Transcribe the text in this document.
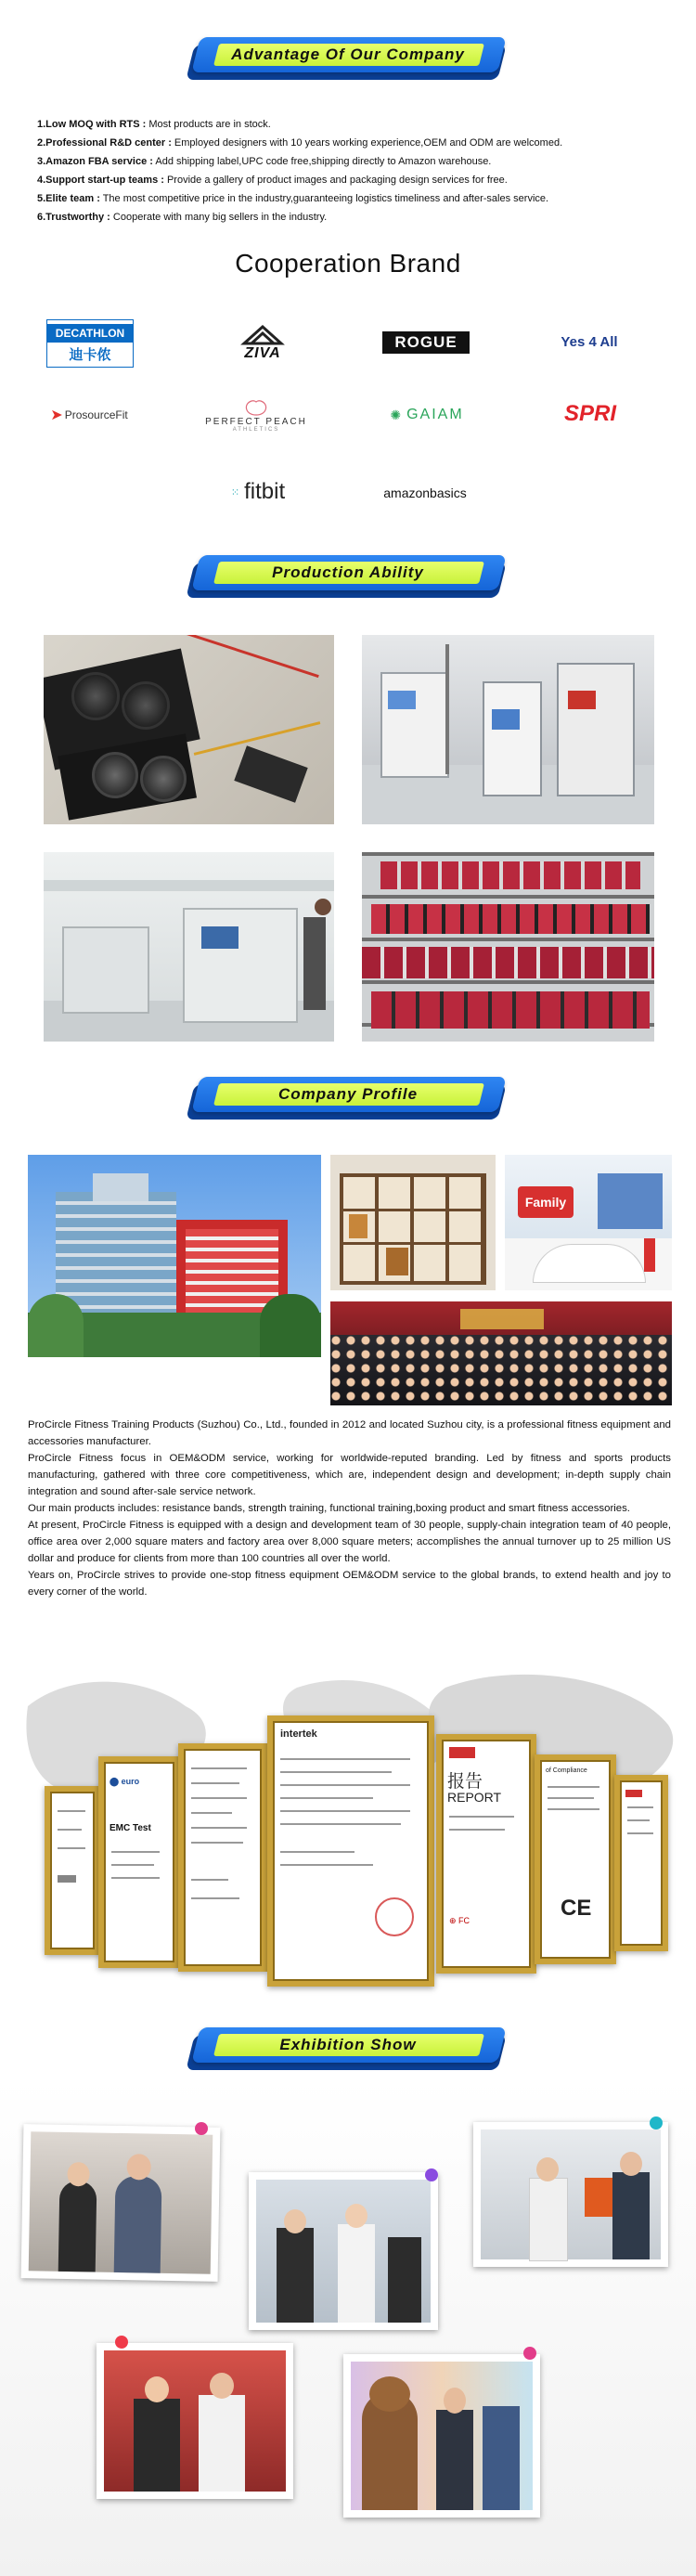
Advantage Of Our Company
1.Low MOQ with RTS : Most products are in stock.
2.Professional R&D center : Employed designers with 10 years working experience,OEM and ODM are welcomed.
3.Amazon FBA service : Add shipping label,UPC code free,shipping directly to Amazon warehouse.
4.Support start-up teams : Provide a gallery of product images and packaging design services for free.
5.Elite team : The most competitive price in the industry,guaranteeing logistics timeliness and after-sales service.
6.Trustworthy : Cooperate with many big sellers in the industry.
Cooperation Brand
DECATHLON
迪卡侬	ZIVA
ROGUE	Yes 4 All
➤ ProsourceFit	PERFECT PEACH
ATHLETICS
✺ GAIAM	SPRI
⁙ fitbit	amazonbasics
Production Ability
Company Profile
Family

ProCircle Fitness Training Products (Suzhou) Co., Ltd., founded in 2012 and located Suzhou city, is a professional fitness equipment and accessories manufacturer.

ProCircle Fitness focus in OEM&ODM service, working for worldwide-reputed branding. Led by fitness and sports products manufacturing, gathered with three core competitiveness, which are, independent design and development; in-depth supply chain integration and sound after-sale service network.

Our main products includes: resistance bands, strength training, functional training,boxing product and smart fitness accessories.

At present, ProCircle Fitness is equipped with a design and development team of 30 people, supply-chain integration team of 40 people, office area over 2,000 square maters and factory area over 8,000 square meters; accomplishes the annual turnover up to 25 million US dollar and produce for clients from more than 100 countries all over the world.

Years on, ProCircle strives to provide one-stop fitness equipment OEM&ODM service to the global brands, to extend health and joy to every corner of the world.

⬤ euro
EMC Test
intertek
报告
REPORT
⊕ FC
of Compliance
CE
Exhibition Show
